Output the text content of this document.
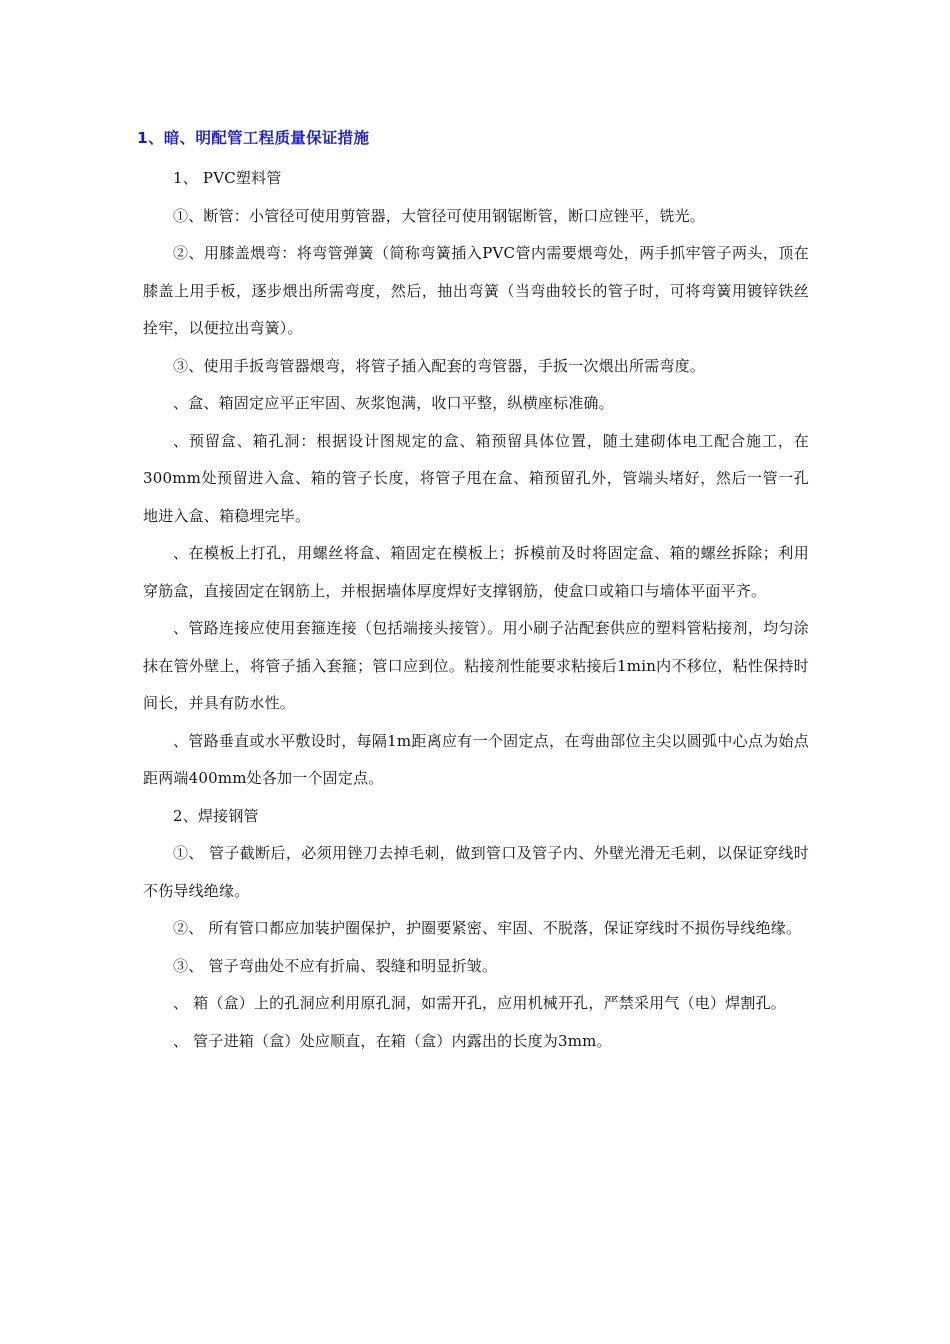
1、暗、明配管工程质量保证措施

1、 PVC塑料管

①、断管：小管径可使用剪管器，大管径可使用钢锯断管，断口应锉平，铣光。

②、用膝盖煨弯：将弯管弹簧（简称弯簧插入PVC管内需要煨弯处，两手抓牢管子两头，顶在膝盖上用手板，逐步煨出所需弯度，然后，抽出弯簧（当弯曲较长的管子时，可将弯簧用镀锌铁丝拴牢，以便拉出弯簧）。

③、使用手扳弯管器煨弯，将管子插入配套的弯管器，手扳一次煨出所需弯度。

、盒、箱固定应平正牢固、灰浆饱满，收口平整，纵横座标准确。

、预留盒、箱孔洞：根据设计图规定的盒、箱预留具体位置，随土建砌体电工配合施工，在300mm处预留进入盒、箱的管子长度，将管子甩在盒、箱预留孔外，管端头堵好，然后一管一孔地进入盒、箱稳埋完毕。

、在模板上打孔，用螺丝将盒、箱固定在模板上；拆模前及时将固定盒、箱的螺丝拆除；利用穿筋盒，直接固定在钢筋上，并根据墙体厚度焊好支撑钢筋，使盒口或箱口与墙体平面平齐。

、管路连接应使用套箍连接（包括端接头接管）。用小刷子沾配套供应的塑料管粘接剂，均匀涂抹在管外壁上，将管子插入套箍；管口应到位。粘接剂性能要求粘接后1min内不移位，粘性保持时间长，并具有防水性。

、管路垂直或水平敷设时，每隔1m距离应有一个固定点，在弯曲部位主尖以圆弧中心点为始点距两端400mm处各加一个固定点。

2、焊接钢管

①、 管子截断后，必须用锉刀去掉毛刺，做到管口及管子内、外壁光滑无毛刺，以保证穿线时不伤导线绝缘。

②、 所有管口都应加装护圈保护，护圈要紧密、牢固、不脱落，保证穿线时不损伤导线绝缘。

③、 管子弯曲处不应有折扁、裂缝和明显折皱。

、 箱（盒）上的孔洞应利用原孔洞，如需开孔，应用机械开孔，严禁采用气（电）焊割孔。

、 管子进箱（盒）处应顺直，在箱（盒）内露出的长度为3mm。
